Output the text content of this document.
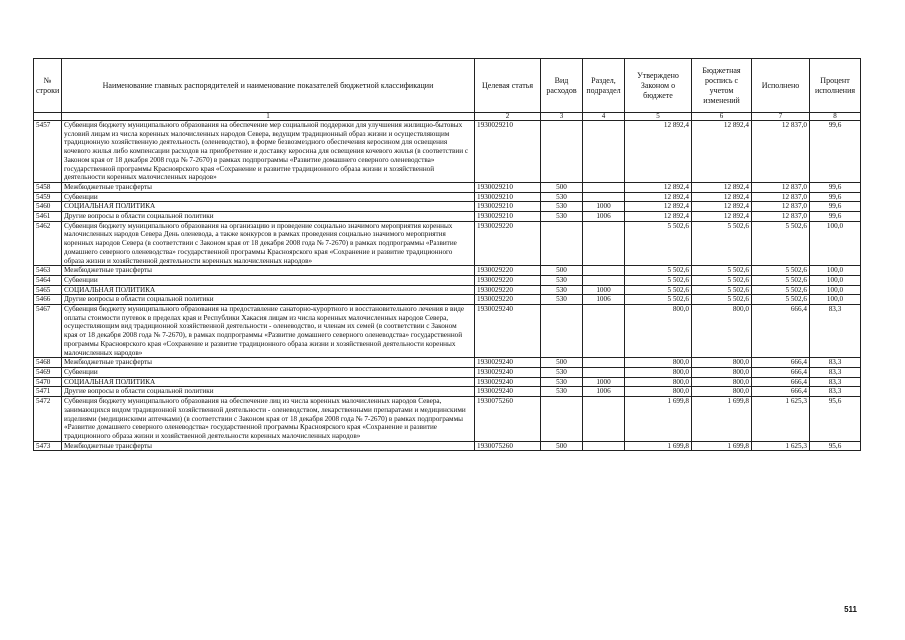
№ строки	Наименование главных распорядителей и наименование показателей бюджетной классификации	Целевая статья	Вид расходов	Раздел, подраздел	Утверждено Законом о бюджете	Бюджетная роспись с учетом изменений	Исполнено	Процент исполнения
	1	2	3	4	5	6	7	8
5457	Субвенция бюджету муниципального образования на обеспечение мер социальной поддержки для улучшения жилищно-бытовых условий лицам из числа коренных малочисленных народов Севера, ведущим традиционный образ жизни и осуществляющим традиционную хозяйственную деятельность (оленеводство), в форме безвозмездного обеспечения керосином для освещения кочевого жилья либо компенсации расходов на приобретение и доставку керосина для освещения кочевого жилья (в соответствии с Законом края от 18 декабря 2008 года № 7-2670) в рамках подпрограммы «Развитие домашнего северного оленеводства» государственной программы Красноярского края «Сохранение и развитие традиционного образа жизни и хозяйственной деятельности коренных малочисленных народов»	1930029210			12 892,4	12 892,4	12 837,0	99,6
5458	Межбюджетные трансферты	1930029210	500		12 892,4	12 892,4	12 837,0	99,6
5459	Субвенции	1930029210	530		12 892,4	12 892,4	12 837,0	99,6
5460	СОЦИАЛЬНАЯ ПОЛИТИКА	1930029210	530	1000	12 892,4	12 892,4	12 837,0	99,6
5461	Другие вопросы в области социальной политики	1930029210	530	1006	12 892,4	12 892,4	12 837,0	99,6
5462	Субвенция бюджету муниципального образования на организацию и проведение социально значимого мероприятия коренных малочисленных народов Севера День оленевода, а также конкурсов в рамках проведения социально значимого мероприятия коренных народов Севера (в соответствии с Законом края от 18 декабря 2008 года № 7-2670) в рамках подпрограммы «Развитие домашнего северного оленеводства» государственной программы Красноярского края «Сохранение и развитие традиционного образа жизни и хозяйственной деятельности коренных малочисленных народов»	1930029220			5 502,6	5 502,6	5 502,6	100,0
5463	Межбюджетные трансферты	1930029220	500		5 502,6	5 502,6	5 502,6	100,0
5464	Субвенции	1930029220	530		5 502,6	5 502,6	5 502,6	100,0
5465	СОЦИАЛЬНАЯ ПОЛИТИКА	1930029220	530	1000	5 502,6	5 502,6	5 502,6	100,0
5466	Другие вопросы в области социальной политики	1930029220	530	1006	5 502,6	5 502,6	5 502,6	100,0
5467	Субвенция бюджету муниципального образования на предоставление санаторно-курортного и восстановительного лечения в виде оплаты стоимости путевок в пределах края и Республики Хакасия лицам из числа коренных малочисленных народов Севера, осуществляющим вид традиционной хозяйственной деятельности - оленеводство, и членам их семей (в соответствии с Законом края от 18 декабря 2008 года № 7-2670), в рамках подпрограммы «Развитие домашнего северного оленеводства» государственной программы Красноярского края «Сохранение и развитие традиционного образа жизни и хозяйственной деятельности коренных малочисленных народов»	1930029240			800,0	800,0	666,4	83,3
5468	Межбюджетные трансферты	1930029240	500		800,0	800,0	666,4	83,3
5469	Субвенции	1930029240	530		800,0	800,0	666,4	83,3
5470	СОЦИАЛЬНАЯ ПОЛИТИКА	1930029240	530	1000	800,0	800,0	666,4	83,3
5471	Другие вопросы в области социальной политики	1930029240	530	1006	800,0	800,0	666,4	83,3
5472	Субвенция бюджету муниципального образования на обеспечение лиц из числа коренных малочисленных народов Севера, занимающихся видом традиционной хозяйственной деятельности - оленеводством, лекарственными препаратами и медицинскими изделиями (медицинскими аптечками) (в соответствии с Законом края от 18 декабря 2008 года № 7-2670) в рамках подпрограммы «Развитие домашнего северного оленеводства» государственной программы Красноярского края «Сохранение и развитие традиционного образа жизни и хозяйственной деятельности коренных малочисленных народов»	1930075260			1 699,8	1 699,8	1 625,3	95,6
5473	Межбюджетные трансферты	1930075260	500		1 699,8	1 699,8	1 625,3	95,6
511
